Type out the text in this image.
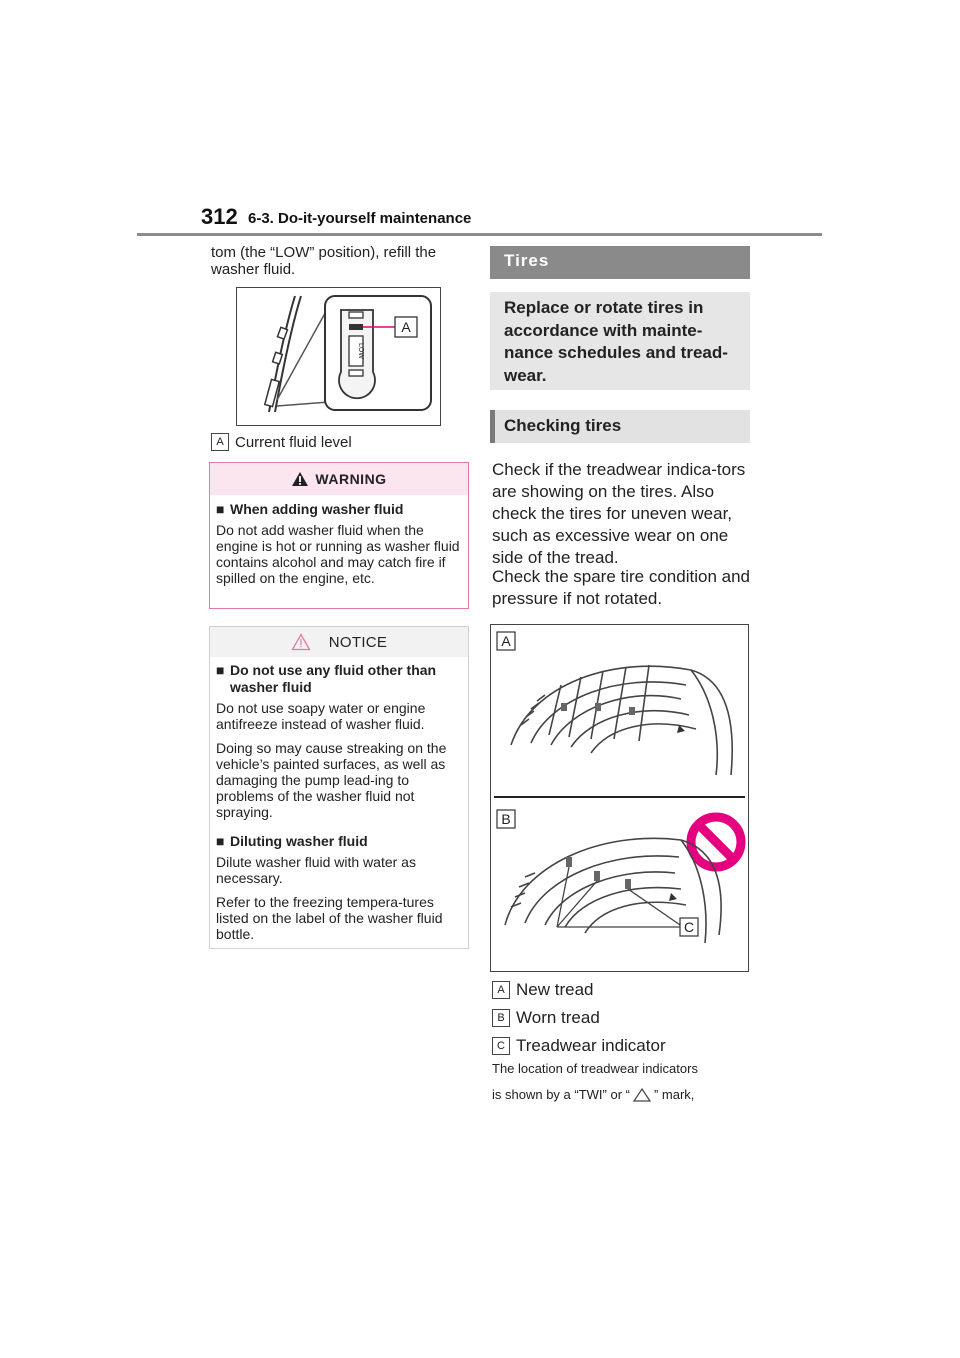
312 6-3. Do-it-yourself maintenance
tom (the “LOW” position), refill the washer fluid.
LOW
A
A Current fluid level
WARNING
■ When adding washer fluid
Do not add washer fluid when the engine is hot or running as washer fluid contains alcohol and may catch fire if spilled on the engine, etc.
NOTICE
■ Do not use any fluid other than washer fluid
Do not use soapy water or engine antifreeze instead of washer fluid.
Doing so may cause streaking on the vehicle’s painted surfaces, as well as damaging the pump lead-ing to problems of the washer fluid not spraying.
■ Diluting washer fluid
Dilute washer fluid with water as necessary.
Refer to the freezing tempera-tures listed on the label of the washer fluid bottle.
Tires
Replace or rotate tires in accordance with mainte-nance schedules and tread-wear.
Checking tires
Check if the treadwear indica-tors are showing on the tires. Also check the tires for uneven wear, such as excessive wear on one side of the tread.
Check the spare tire condition and pressure if not rotated.
A
B
C
A New tread
B Worn tread
C Treadwear indicator
The location of treadwear indicators
is shown by a “TWI” or “ ” mark,
